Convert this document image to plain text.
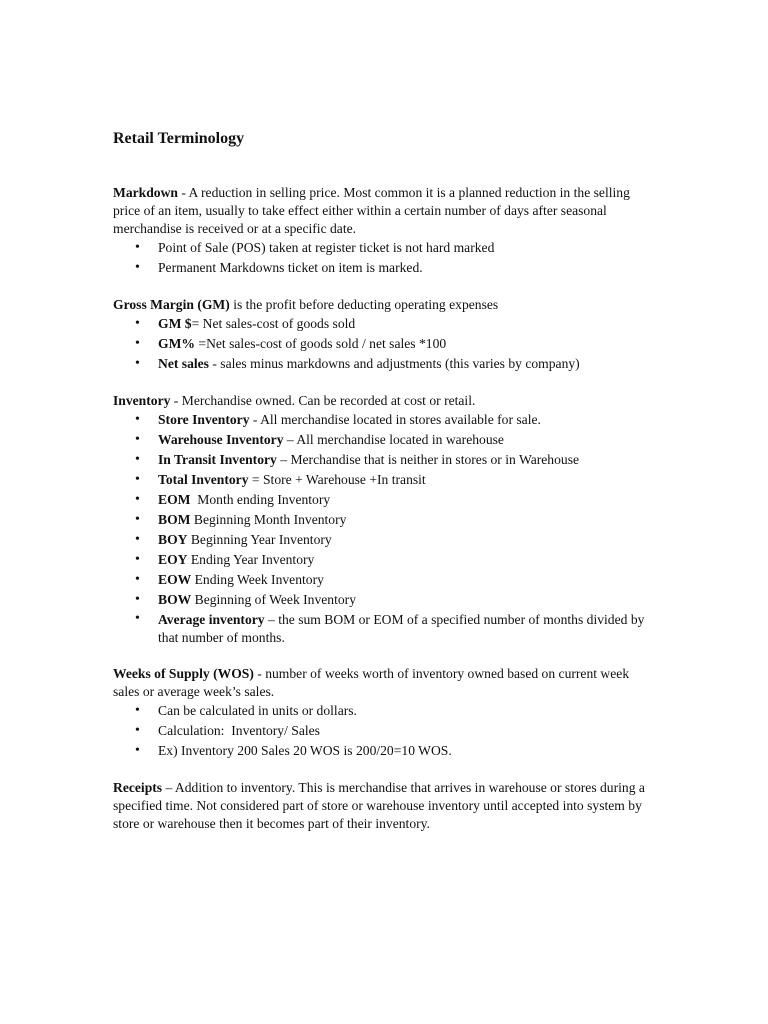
Retail Terminology

Markdown - A reduction in selling price. Most common it is a planned reduction in the selling price of an item, usually to take effect either within a certain number of days after seasonal merchandise is received or at a specific date.

• Point of Sale (POS) taken at register ticket is not hard marked
• Permanent Markdowns ticket on item is marked.

Gross Margin (GM) is the profit before deducting operating expenses

• GM $= Net sales-cost of goods sold
• GM% =Net sales-cost of goods sold / net sales *100
• Net sales - sales minus markdowns and adjustments (this varies by company)

Inventory - Merchandise owned. Can be recorded at cost or retail.

• Store Inventory - All merchandise located in stores available for sale.
• Warehouse Inventory – All merchandise located in warehouse
• In Transit Inventory – Merchandise that is neither in stores or in Warehouse
• Total Inventory = Store + Warehouse +In transit
• EOM  Month ending Inventory
• BOM Beginning Month Inventory
• BOY Beginning Year Inventory
• EOY Ending Year Inventory
• EOW Ending Week Inventory
• BOW Beginning of Week Inventory
• Average inventory – the sum BOM or EOM of a specified number of months divided by that number of months.

Weeks of Supply (WOS) - number of weeks worth of inventory owned based on current week sales or average week’s sales.

• Can be calculated in units or dollars.
• Calculation:  Inventory/ Sales
• Ex) Inventory 200 Sales 20 WOS is 200/20=10 WOS.

Receipts – Addition to inventory. This is merchandise that arrives in warehouse or stores during a specified time. Not considered part of store or warehouse inventory until accepted into system by store or warehouse then it becomes part of their inventory.
